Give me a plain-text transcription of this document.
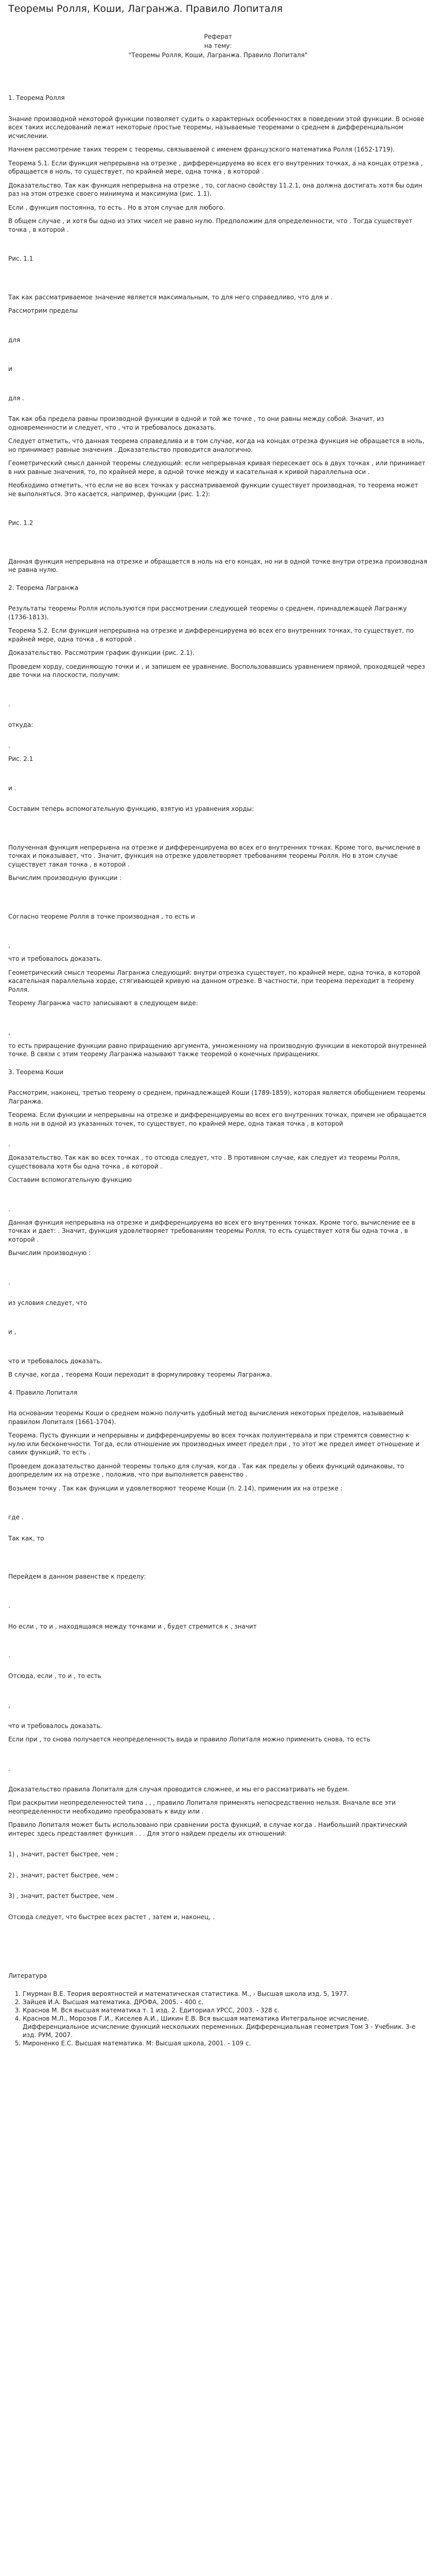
Теоремы Ролля, Коши, Лагранжа. Правило Лопиталя

Реферат

на тему:

"Теоремы Ролля, Коши, Лагранжа. Правило Лопиталя"

1. Теорема Ролля

Знание производной некоторой функции позволяет судить о характерных особенностях в поведении этой функции. В основе всех таких исследований лежат некоторые простые теоремы, называемые теоремами о среднем в дифференциальном исчислении.

Начнем рассмотрение таких теорем с теоремы, связываемой с именем французского математика Ролля (1652-1719).

Теорема 5.1. Если функция непрерывна на отрезке , дифференцируема во всех его внутренних точках, а на концах отрезка , обращается в ноль, то существует, по крайней мере, одна точка , в которой .

Доказательство. Так как функция непрерывна на отрезке , то, согласно свойству 11.2.1, она должна достигать хотя бы один раз на этом отрезке своего минимума и максимума (рис. 1.1).

Если , функция постоянна, то есть . Но в этом случае для любого.

В общем случае , и хотя бы одно из этих чисел не равно нулю. Предположим для определенности, что . Тогда существует точка , в которой .

Рис. 1.1

Так как рассматриваемое значение является максимальным, то для него справедливо, что для и .

Рассмотрим пределы

для

и

для .

Так как оба предела равны производной функции в одной и той же точке , то они равны между собой. Значит, из одновременности и следует, что , что и требовалось доказать.

Следует отметить, что данная теорема справедлива и в том случае, когда на концах отрезка функция не обращается в ноль, но принимает равные значения . Доказательство проводится аналогично.

Геометрический смысл данной теоремы следующий: если непрерывная кривая пересекает ось в двух точках , или принимает в них равные значения, то, по крайней мере, в одной точке между и касательная к кривой параллельна оси .

Необходимо отметить, что если не во всех точках у рассматриваемой функции существует производная, то теорема может не выполняться. Это касается, например, функции (рис. 1.2):

Рис. 1.2

Данная функция непрерывна на отрезке и обращается в ноль на его концах, но ни в одной точке внутри отрезка производная не равна нулю.

2. Теорема Лагранжа

Результаты теоремы Ролля используются при рассмотрении следующей теоремы о среднем, принадлежащей Лагранжу (1736-1813).

Теорема 5.2. Если функция непрерывна на отрезке и дифференцируема во всех его внутренних точках, то существует, по крайней мере, одна точка , в которой .

Доказательство. Рассмотрим график функции (рис. 2.1).

Проведем хорду, соединяющую точки и , и запишем ее уравнение. Воспользовавшись уравнением прямой, проходящей через две точки на плоскости, получим:

.

откуда:

.

Рис. 2.1

и .

Составим теперь вспомогательную функцию, взятую из уравнения хорды:

Полученная функция непрерывна на отрезке и дифференцируема во всех его внутренних точках. Кроме того, вычисление в точках и показывает, что . Значит, функция на отрезке удовлетворяет требованиям теоремы Ролля. Но в этом случае существует такая точка , в которой .

Вычислим производную функции :

Согласно теореме Ролля в точке производная , то есть и

,

что и требовалось доказать.

Геометрический смысл теоремы Лагранжа следующий: внутри отрезка существует, по крайней мере, одна точка, в которой касательная параллельна хорде, стягивающей кривую на данном отрезке. В частности, при теорема переходит в теорему Ролля.

Теорему Лагранжа часто записывают в следующем виде:

,

то есть приращение функции равно приращению аргумента, умноженному на производную функции в некоторой внутренней точке. В связи с этим теорему Лагранжа называют также теоремой о конечных приращениях.

3. Теорема Коши

Рассмотрим, наконец, третью теорему о среднем, принадлежащей Коши (1789-1859), которая является обобщением теоремы Лагранжа.

Теорема. Если функции и непрерывны на отрезке и дифференцируемы во всех его внутренних точках, причем не обращается в ноль ни в одной из указанных точек, то существует, по крайней мере, одна такая точка , в которой

.

Доказательство. Так как во всех точках , то отсюда следует, что . В противном случае, как следует из теоремы Ролля, существовала хотя бы одна точка , в которой .

Составим вспомогательную функцию

.

Данная функция непрерывна на отрезке и дифференцируема во всех его внутренних точках. Кроме того, вычисление ее в точках и дает: . Значит, функция удовлетворяет требованиям теоремы Ролля, то есть существует хотя бы одна точка , в которой .

Вычислим производную :

.

из условия следует, что

и ,

что и требовалось доказать.

В случае, когда , теорема Коши переходит в формулировку теоремы Лагранжа.

4. Правило Лопиталя

На основании теоремы Коши о среднем можно получить удобный метод вычисления некоторых пределов, называемый правилом Лопиталя (1661-1704).

Теорема. Пусть функции и непрерывны и дифференцируемы во всех точках полуинтервала и при стремятся совместно к нулю или бесконечности. Тогда, если отношение их производных имеет предел при , то этот же предел имеет отношение и самих функций, то есть .

Проведем доказательство данной теоремы только для случая, когда . Так как пределы у обеих функций одинаковы, то доопределим их на отрезке , положив, что при выполняется равенство .

Возьмем точку . Так как функции и удовлетворяют теореме Коши (п. 2.14), применим их на отрезке :

где .

Так как, то

Перейдем в данном равенстве к пределу:

.

Но если , то и , находящаяся между точками и , будет стремится к , значит

.

Отсюда, если , то и , то есть

,

что и требовалось доказать.

Если при , то снова получается неопределенность вида и правило Лопиталя можно применить снова, то есть

.

Доказательство правила Лопиталя для случая проводится сложнее, и мы его рассматривать не будем.

При раскрытии неопределенностей типа , , , правило Лопиталя применять непосредственно нельзя. Вначале все эти неопределенности необходимо преобразовать к виду или .

Правило Лопиталя может быть использовано при сравнении роста функций, в случае когда . Наибольший практический интерес здесь представляет функция . . . Для этого найдем пределы их отношений:

1) , значит, растет быстрее, чем ;

2) , значит, растет быстрее, чем ;

3) , значит, растет быстрее, чем .

Отсюда следует, что быстрее всех растет , затем и, наконец, .

Литература
1. Гмурман В.Е. Теория вероятностей и математическая статистика. М., - Высшая школа изд. 5, 1977.
2. Зайцев И.А. Высшая математика. ДРОФА, 2005. - 400 с.
3. Краснов М. Вся высшая математика т. 1 изд. 2. Едиториал УРСС, 2003. - 328 с.
4. Краснов М.Л., Морозов Г.И., Киселев А.И., Шикин Е.В. Вся высшая математика Интегральное исчисление. Дифференциальное исчисление функций нескольких переменных. Дифференциальная геометрия Том 3 - Учебник. 3-е изд. РУМ, 2007.
5. Мироненко Е.С. Высшая математика. М: Высшая школа, 2001. - 109 с.
